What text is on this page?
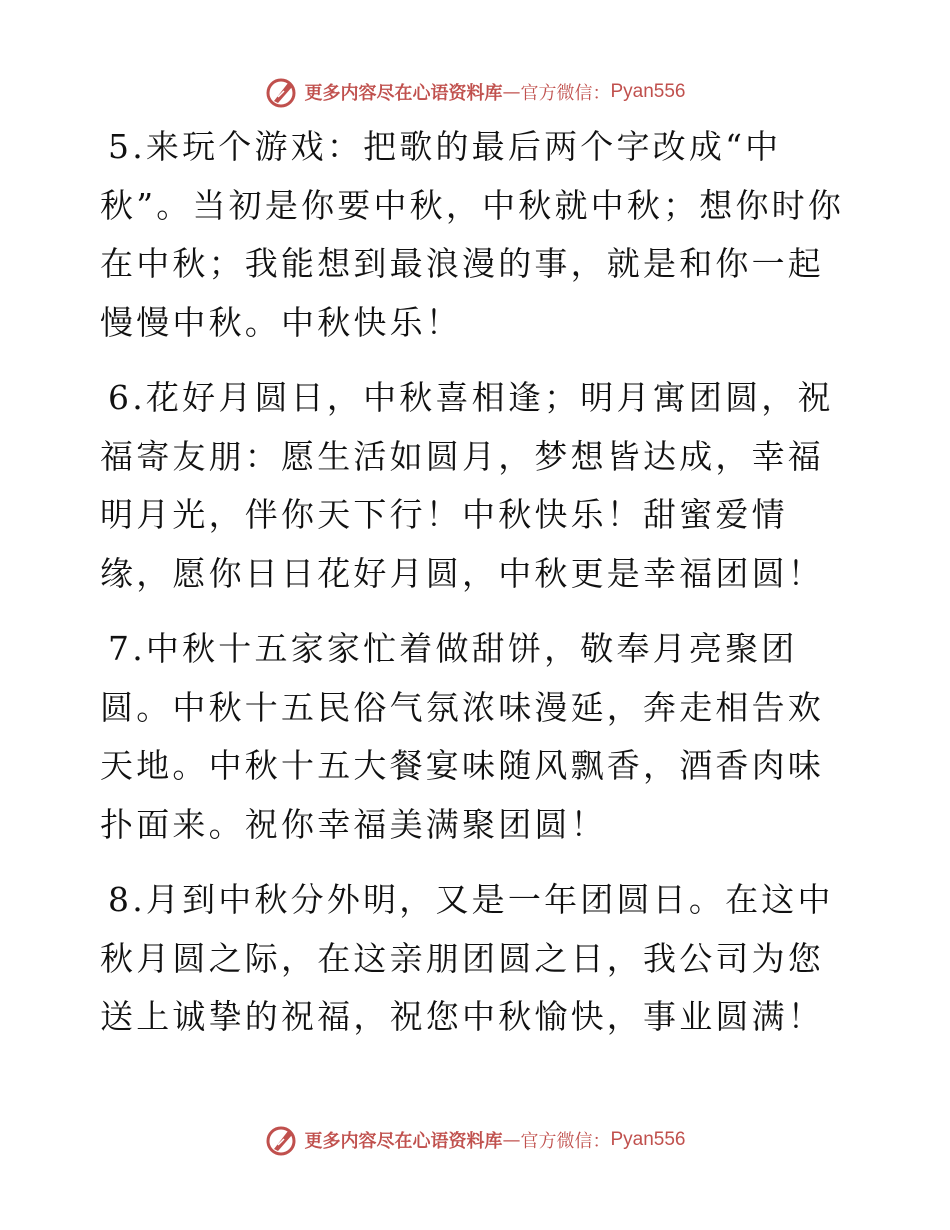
更多内容尽在心语资料库 — 官方微信： Pyan556

5.来玩个游戏：把歌的最后两个字改成“中秋”。当初是你要中秋，中秋就中秋；想你时你在中秋；我能想到最浪漫的事，就是和你一起慢慢中秋。中秋快乐！

6.花好月圆日，中秋喜相逢；明月寓团圆，祝福寄友朋：愿生活如圆月，梦想皆达成，幸福明月光，伴你天下行！中秋快乐！甜蜜爱情缘，愿你日日花好月圆，中秋更是幸福团圆！

7.中秋十五家家忙着做甜饼，敬奉月亮聚团圆。中秋十五民俗气氛浓味漫延，奔走相告欢天地。中秋十五大餐宴味随风飘香，酒香肉味扑面来。祝你幸福美满聚团圆！

8.月到中秋分外明，又是一年团圆日。在这中秋月圆之际，在这亲朋团圆之日，我公司为您送上诚挚的祝福，祝您中秋愉快，事业圆满！

更多内容尽在心语资料库 — 官方微信： Pyan556
